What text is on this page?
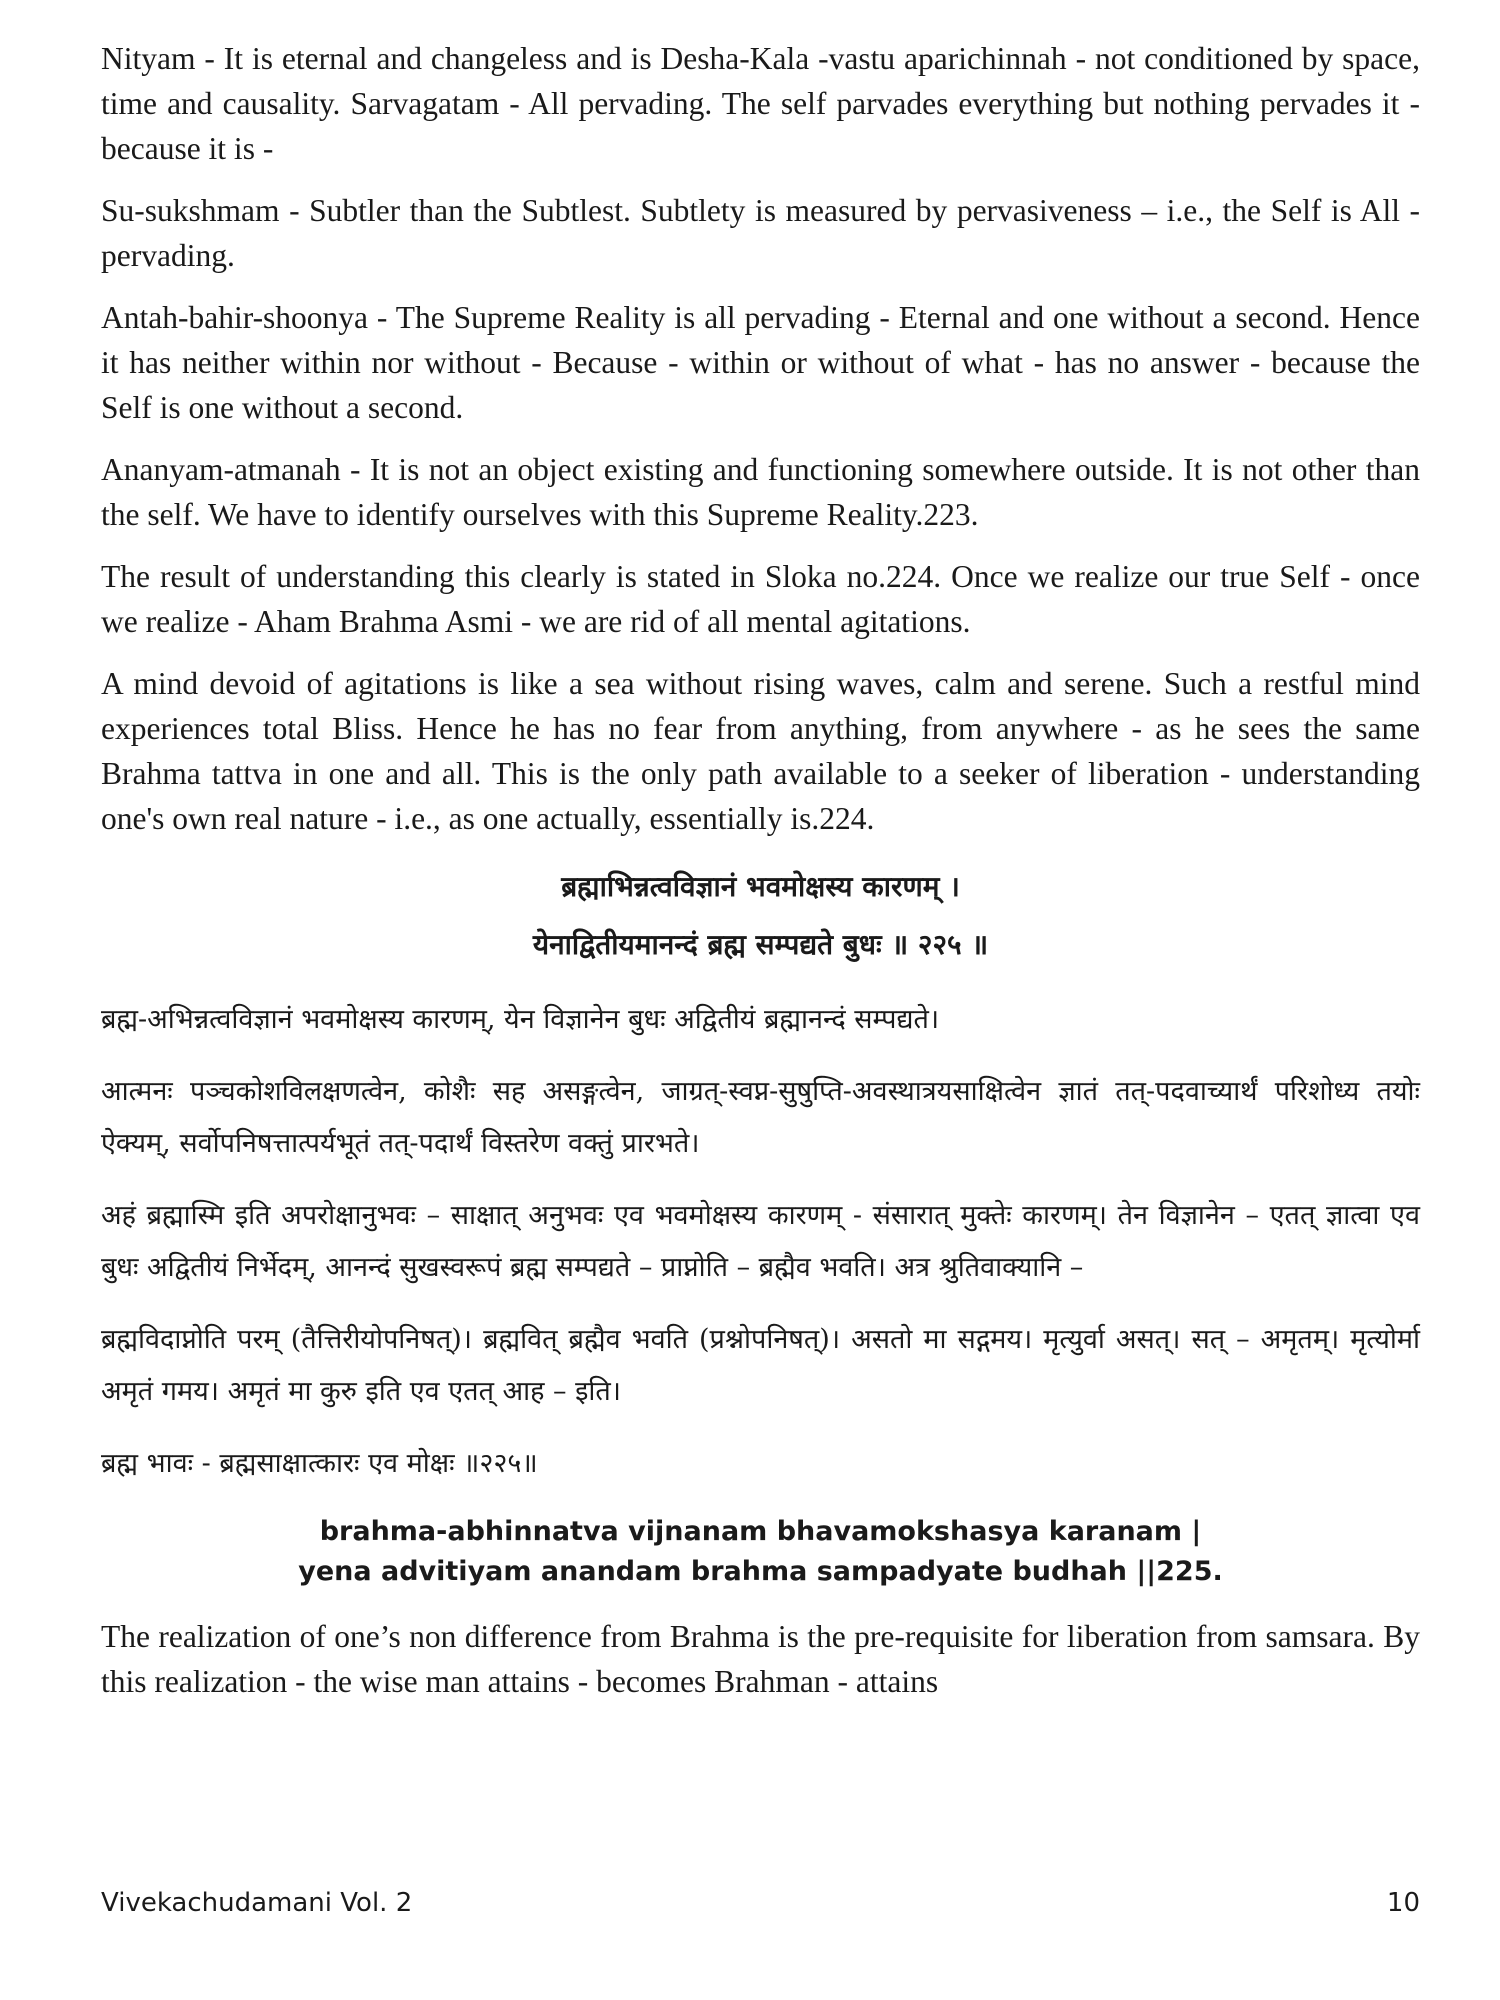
Nityam - It is eternal and changeless and is Desha-Kala -vastu aparichinnah - not conditioned by space, time and causality. Sarvagatam - All pervading. The self parvades everything but nothing pervades it - because it is -

Su-sukshmam - Subtler than the Subtlest. Subtlety is measured by pervasiveness – i.e., the Self is All - pervading.

Antah-bahir-shoonya - The Supreme Reality is all pervading - Eternal and one without a second. Hence it has neither within nor without - Because - within or without of what - has no answer - because the Self is one without a second.

Ananyam-atmanah - It is not an object existing and functioning somewhere outside. It is not other than the self. We have to identify ourselves with this Supreme Reality.223.

The result of understanding this clearly is stated in Sloka no.224. Once we realize our true Self - once we realize - Aham Brahma Asmi - we are rid of all mental agitations.

A mind devoid of agitations is like a sea without rising waves, calm and serene. Such a restful mind experiences total Bliss. Hence he has no fear from anything, from anywhere - as he sees the same Brahma tattva in one and all. This is the only path available to a seeker of liberation - understanding one's own real nature - i.e., as one actually, essentially is.224.

ब्रह्माभिन्नत्वविज्ञानं भवमोक्षस्य कारणम् ।
येनाद्वितीयमानन्दं ब्रह्म सम्पद्यते बुधः ॥ २२५ ॥

ब्रह्म-अभिन्नत्वविज्ञानं भवमोक्षस्य कारणम्, येन विज्ञानेन बुधः अद्वितीयं ब्रह्मानन्दं सम्पद्यते।

आत्मनः पञ्चकोशविलक्षणत्वेन, कोशैः सह असङ्गत्वेन, जाग्रत्-स्वप्न-सुषुप्ति-अवस्थात्रयसाक्षित्वेन ज्ञातं तत्-पदवाच्यार्थं परिशोध्य तयोः ऐक्यम्, सर्वोपनिषत्तात्पर्यभूतं तत्-पदार्थं विस्तरेण वक्तुं प्रारभते।

अहं ब्रह्मास्मि इति अपरोक्षानुभवः – साक्षात् अनुभवः एव भवमोक्षस्य कारणम् - संसारात् मुक्तेः कारणम्। तेन विज्ञानेन – एतत् ज्ञात्वा एव बुधः अद्वितीयं निर्भेदम्, आनन्दं सुखस्वरूपं ब्रह्म सम्पद्यते – प्राप्नोति – ब्रह्मैव भवति। अत्र श्रुतिवाक्यानि –

ब्रह्मविदाप्नोति परम् (तैत्तिरीयोपनिषत्)। ब्रह्मवित् ब्रह्मैव भवति (प्रश्नोपनिषत्)। असतो मा सद्गमय। मृत्युर्वा असत्। सत् – अमृतम्। मृत्योर्मा अमृतं गमय। अमृतं मा कुरु इति एव एतत् आह – इति।

ब्रह्म भावः - ब्रह्मसाक्षात्कारः एव मोक्षः ॥२२५॥

brahma-abhinnatva vijnanam bhavamokshasya karanam |
yena advitiyam anandam brahma sampadyate budhah ||225.

The realization of one’s non difference from Brahma is the pre-requisite for liberation from samsara. By this realization - the wise man attains - becomes Brahman - attains

Vivekachudamani Vol. 2	10
